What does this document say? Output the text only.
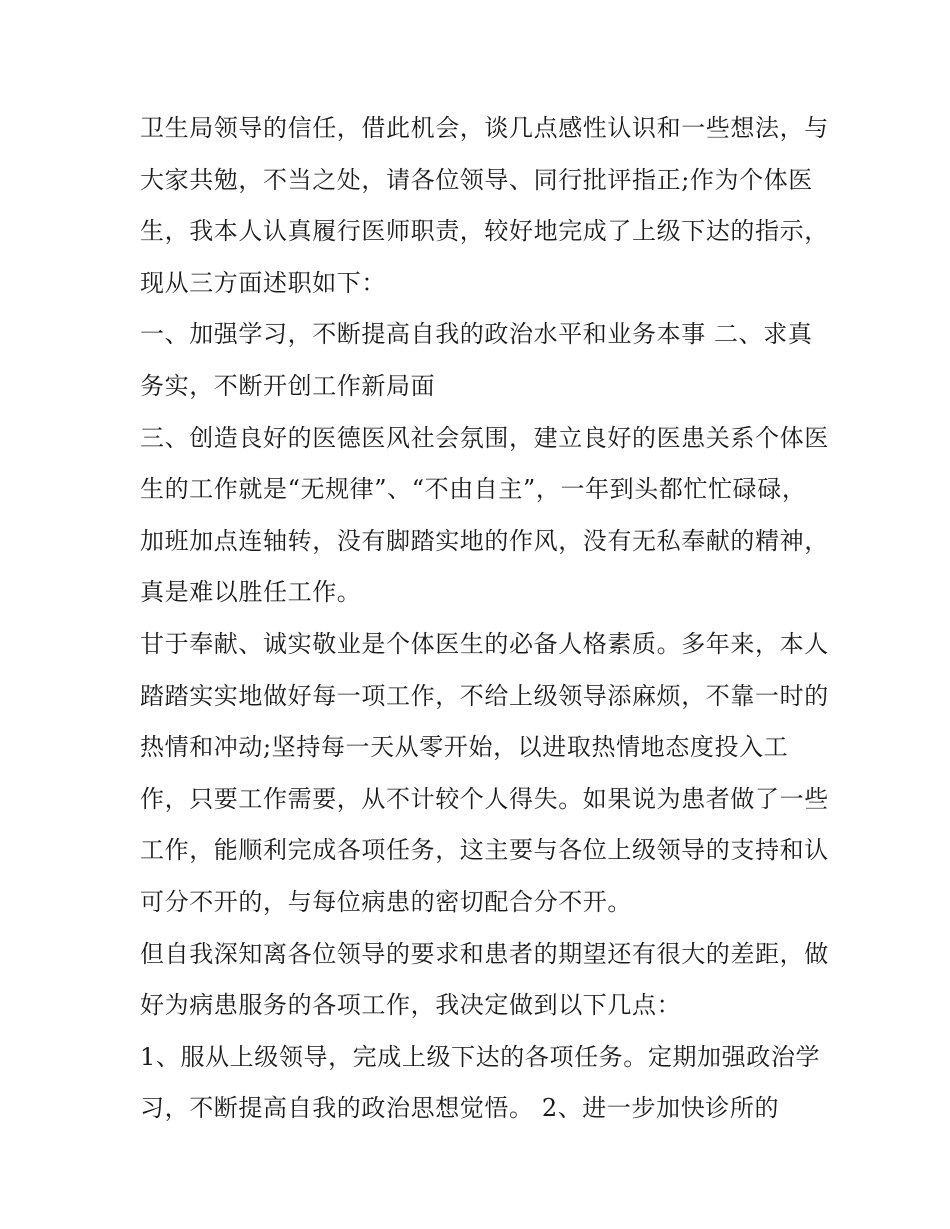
卫生局领导的信任，借此机会，谈几点感性认识和一些想法，与大家共勉，不当之处，请各位领导、同行批评指正;作为个体医生，我本人认真履行医师职责，较好地完成了上级下达的指示，现从三方面述职如下：

一、加强学习，不断提高自我的政治水平和业务本事 二、求真务实，不断开创工作新局面

三、创造良好的医德医风社会氛围，建立良好的医患关系个体医生的工作就是“无规律”、“不由自主”，一年到头都忙忙碌碌，加班加点连轴转，没有脚踏实地的作风，没有无私奉献的精神，真是难以胜任工作。

甘于奉献、诚实敬业是个体医生的必备人格素质。多年来，本人踏踏实实地做好每一项工作，不给上级领导添麻烦，不靠一时的热情和冲动;坚持每一天从零开始，以进取热情地态度投入工作，只要工作需要，从不计较个人得失。如果说为患者做了一些工作，能顺利完成各项任务，这主要与各位上级领导的支持和认可分不开的，与每位病患的密切配合分不开。

但自我深知离各位领导的要求和患者的期望还有很大的差距，做好为病患服务的各项工作，我决定做到以下几点：

1、服从上级领导，完成上级下达的各项任务。定期加强政治学习，不断提高自我的政治思想觉悟。 2、进一步加快诊所的
